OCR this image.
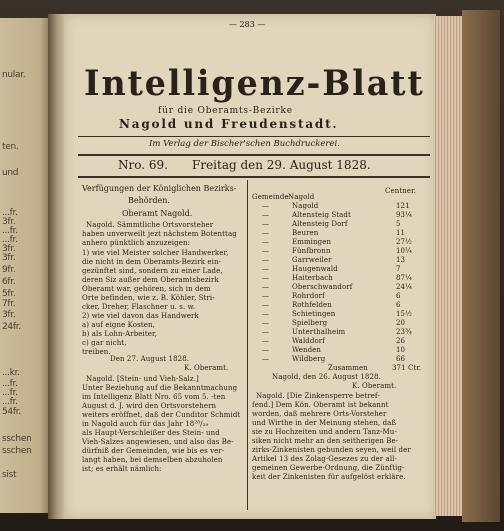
— 283 —
Intelligenz-Blatt
für die Oberamts-Bezirke
Nagold und Freudenstadt.
Im Verlag der Bischer'schen Buchdruckerei.
Nro. 69. Freitag den 29. August 1828.
Verfügungen der Königlichen Bezirks-
Behörden.
Oberamt Nagold.
Nagold. Sämmtliche Ortsvorsteher
haben unverweilt jezt nächstem Botenttag
anhero pünktlich anzuzeigen:
1) wie viel Meister solcher Handwerker,
die nicht in dem Oberamts-Bezirk ein-
gezünftet sind, sondern zu einer Lade,
deren Siz außer dem Oberamtsbezirk
Oberamt war, gehören, sich in dem
Orte befinden, wie z. B. Köhler, Stri-
cker, Dreher, Flaschner u. s. w.
2) wie viel davon das Handwerk
a) auf eigne Kosten,
b) als Lohn-Arbeiter,
c) gar nicht,
treiben.
Den 27. August 1828.
K. Oberamt.
Nagold. [Stein- und Vieh-Salz.]
Unter Beziehung auf die Bekanntmachung
im Intelligenz Blatt Nro. 65 vom 5. -ten
August d. J. wird den Ortsvorstehern
weiters eröffnet, daß der Cunditor Schmidt
in Nagold auch für das Jahr 18²⁸/₂₉
als Haupt-Verschleißer des Stein- und
Vieh-Salzes angewiesen, und also das Be-
dürfniß der Gemeinden, wie bis es ver-
langt haben, bei demselben abzuholen
ist; es erhält nämlich:
Gemeinde Nagold
Centner.
—	Nagold	121
—	Altensteig Stadt	93¼
—	Altensteig Dorf	5
—	Beuren	11
—	Emmingen	27½
—	Fünfbronn	10¼
—	Garrweiler	13
—	Haugenwald	7
—	Haiterbach	87¼
—	Oberschwandorf	24¼
—	Rohrdorf	6
—	Rothfelden	6
—	Schietingen	15½
—	Spielberg	20
—	Unterthalheim	23¾
—	Walddorf	26
—	Wenden	10
—	Wildberg	66
Zusammen	371 Ctr.
Nagold, den 26. August 1828.
K. Oberamt.
Nagold. [Die Zinkensperre betref-
fend.] Dem Kön. Oberamt ist bekannt
worden, daß mehrere Orts-Vorsteher
und Wirthe in der Meinung stehen, daß
sie zu Hochzeiten und andern Tanz-Mu-
siken nicht mehr an den seitherigen Be-
zirks-Zinkenisten gebunden seyen, weil der
Artikel 13 des Zolag-Gesezes zu der all-
gemeinen Gewerbe-Ordnung, die Zünftig-
keit der Zinkenisten für aufgelöst erkläre.
nular.
ten.
und
...fr.
3fr.
...fr.
...fr.
3fr.
3fr.
9fr.
6fr.
5fr.
7fr.
3fr.
24fr.
...kr.
...fr.
...fr.
...fr.
54fr.
sschen
sschen
sist
